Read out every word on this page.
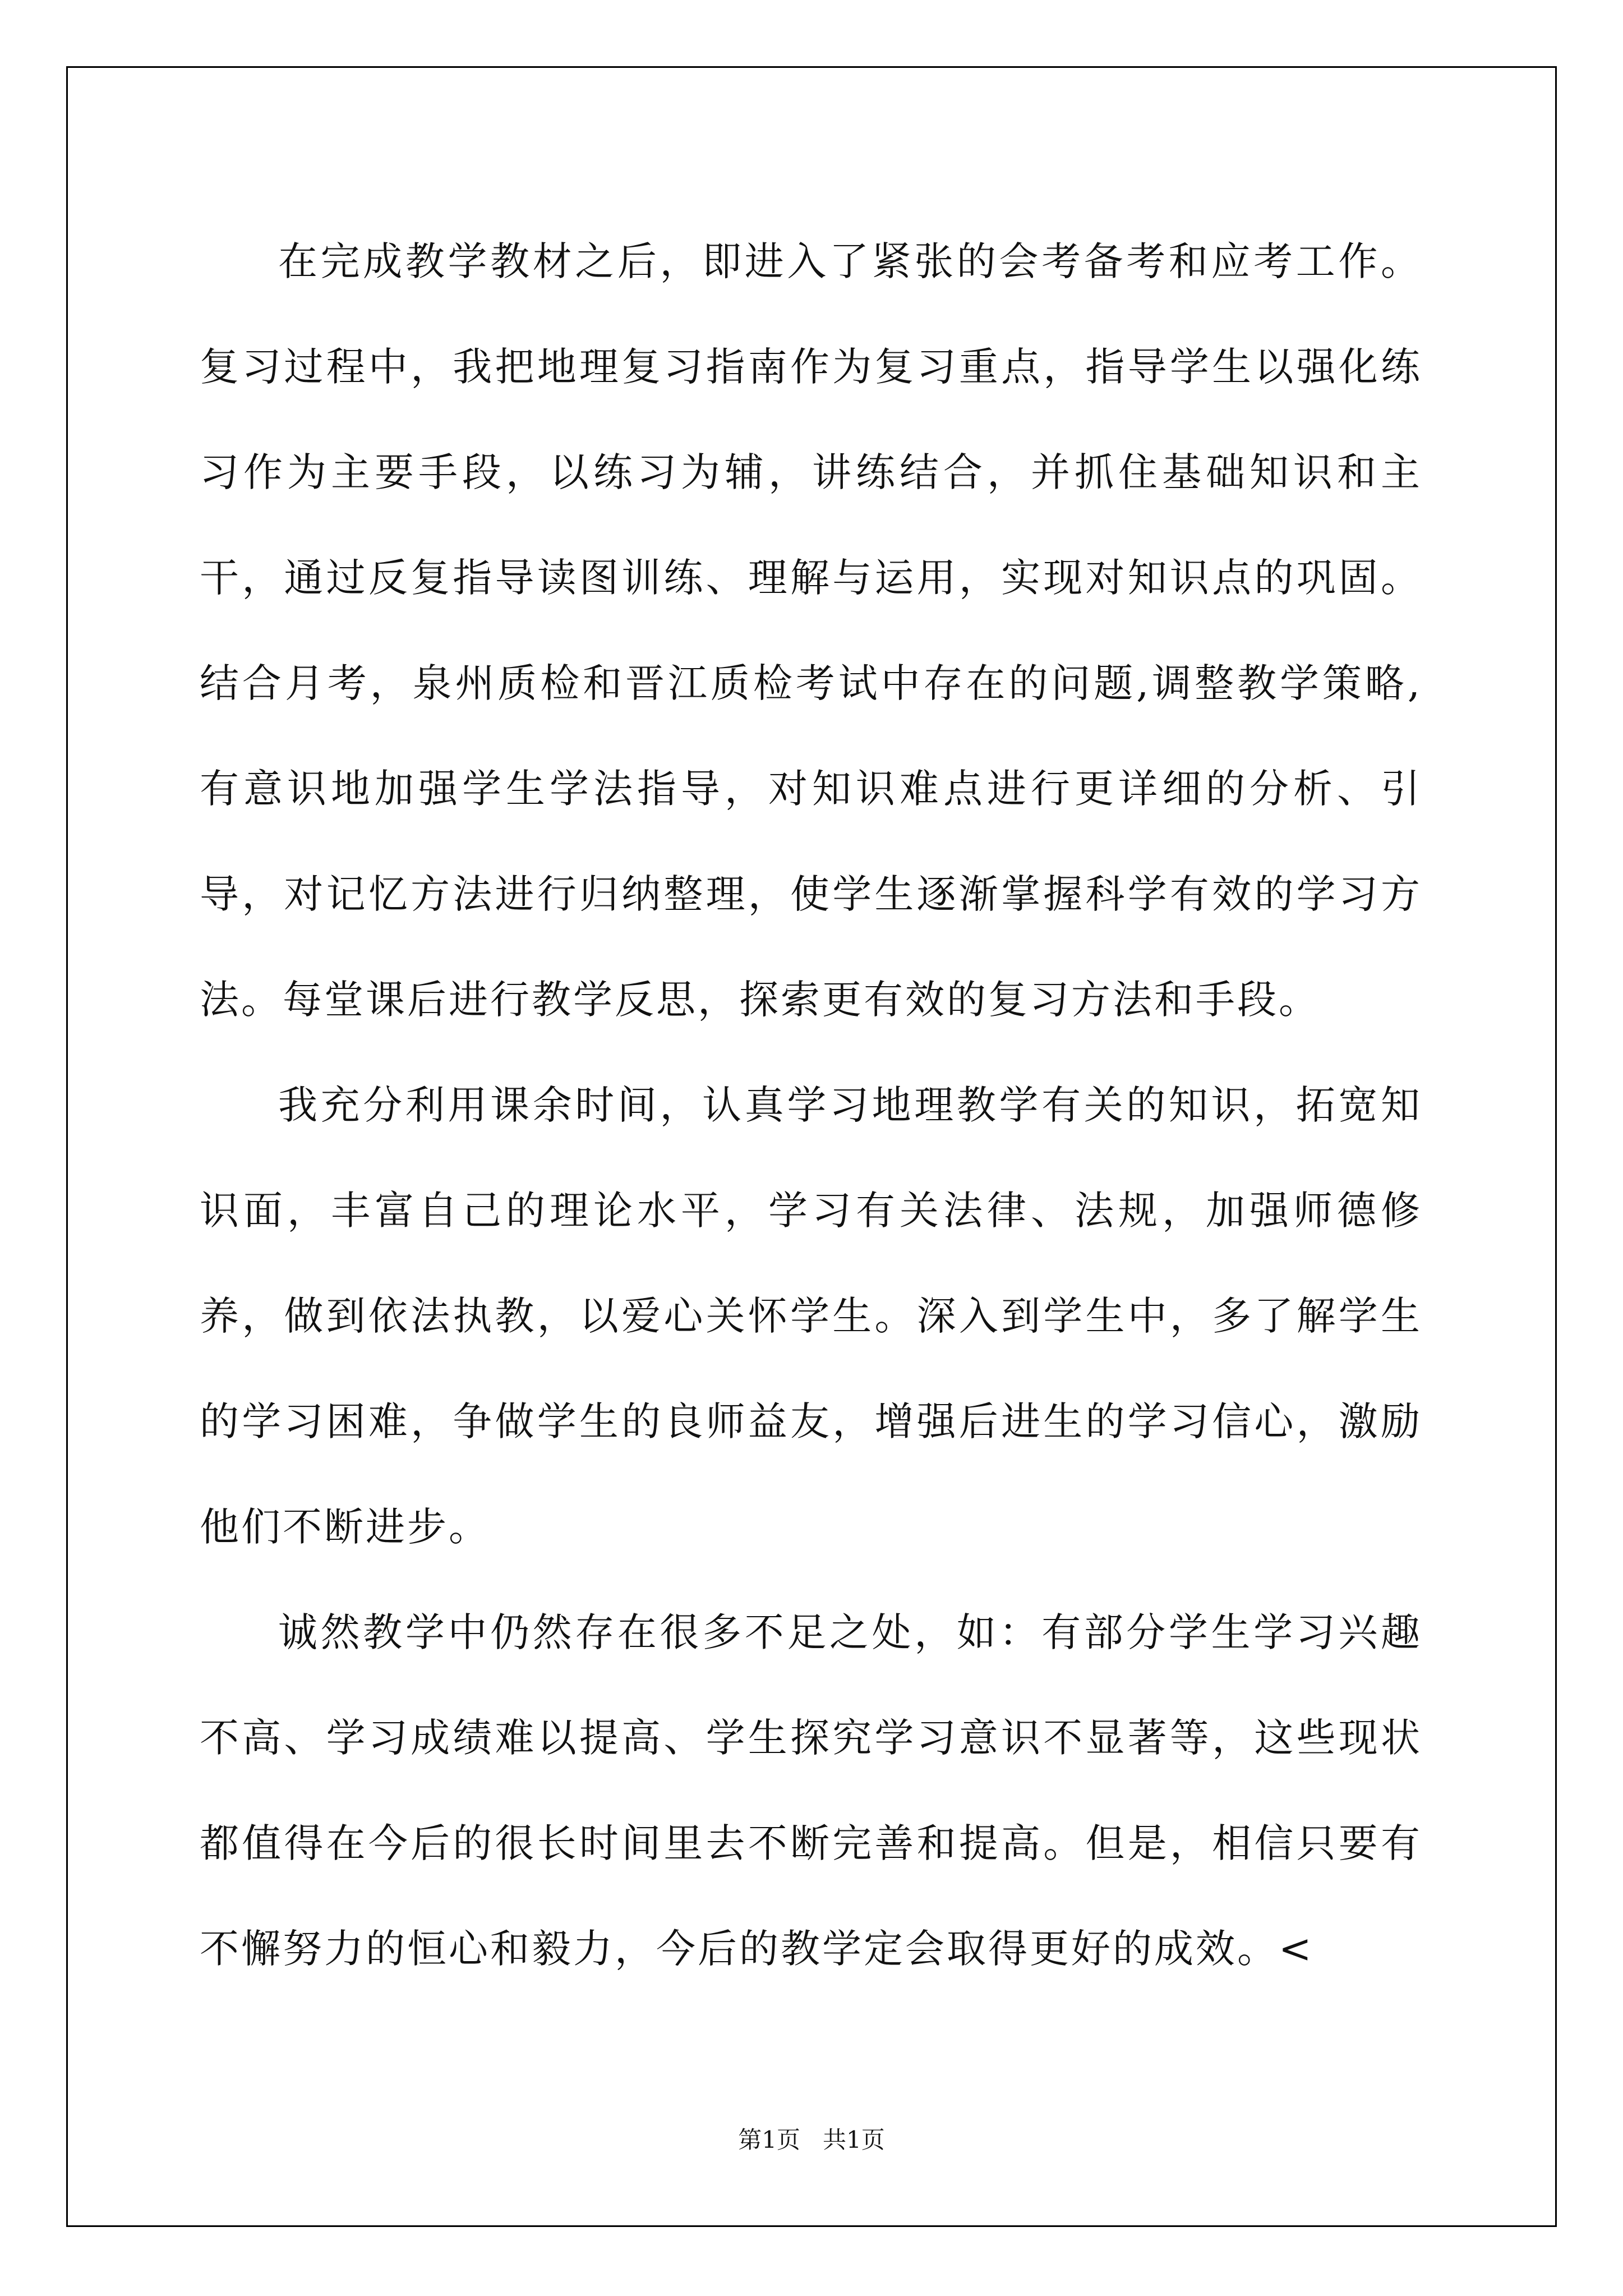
在完成教学教材之后，即进入了紧张的会考备考和应考工作。复习过程中，我把地理复习指南作为复习重点，指导学生以强化练习作为主要手段，以练习为辅，讲练结合，并抓住基础知识和主干，通过反复指导读图训练、理解与运用，实现对知识点的巩固。结合月考，泉州质检和晋江质检考试中存在的问题,调整教学策略,有意识地加强学生学法指导，对知识难点进行更详细的分析、引导，对记忆方法进行归纳整理，使学生逐渐掌握科学有效的学习方法。每堂课后进行教学反思，探索更有效的复习方法和手段。

我充分利用课余时间，认真学习地理教学有关的知识，拓宽知识面，丰富自己的理论水平，学习有关法律、法规，加强师德修养，做到依法执教，以爱心关怀学生。深入到学生中，多了解学生的学习困难，争做学生的良师益友，增强后进生的学习信心，激励他们不断进步。

诚然教学中仍然存在很多不足之处，如：有部分学生学习兴趣不高、学习成绩难以提高、学生探究学习意识不显著等，这些现状都值得在今后的很长时间里去不断完善和提高。但是，相信只要有不懈努力的恒心和毅力，今后的教学定会取得更好的成效。<

第1页   共1页
